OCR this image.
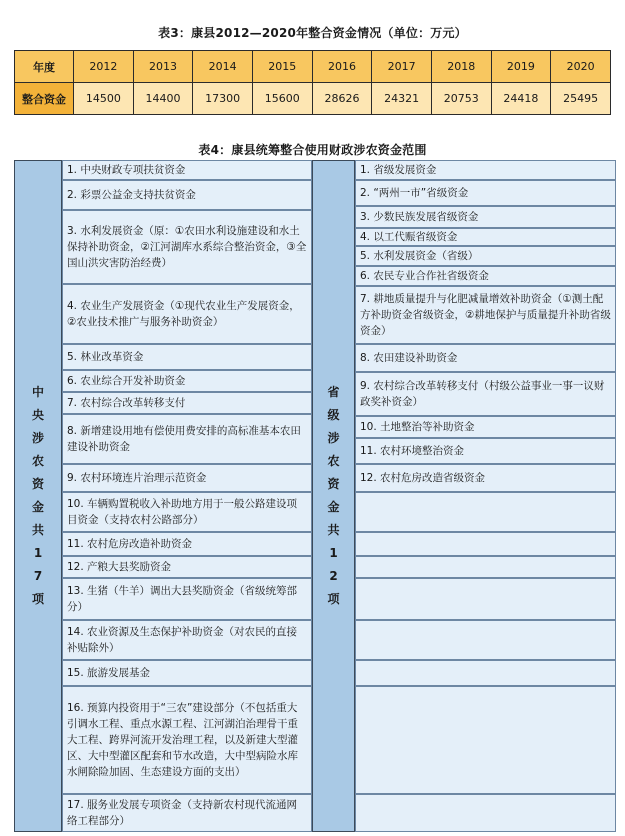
表3：康县2012—2020年整合资金情况（单位：万元）
年度	2012	2013	2014	2015	2016	2017	2018	2019	2020
整合资金	14500	14400	17300	15600	28626	24321	20753	24418	25495
表4：康县统筹整合使用财政涉农资金范围
中央涉农资金共17项
1. 中央财政专项扶贫资金
2. 彩票公益金支持扶贫资金
3. 水利发展资金（原：①农田水利设施建设和水土保持补助资金，②江河湖库水系综合整治资金，③全国山洪灾害防治经费）
4. 农业生产发展资金（①现代农业生产发展资金，②农业技术推广与服务补助资金）
5. 林业改革资金
6. 农业综合开发补助资金
7. 农村综合改革转移支付
8. 新增建设用地有偿使用费安排的高标准基本农田建设补助资金
9. 农村环境连片治理示范资金
10. 车辆购置税收入补助地方用于一般公路建设项目资金（支持农村公路部分）
11. 农村危房改造补助资金
12. 产粮大县奖励资金
13. 生猪（牛羊）调出大县奖励资金（省级统筹部分）
14. 农业资源及生态保护补助资金（对农民的直接补贴除外）
15. 旅游发展基金
16. 预算内投资用于“三农”建设部分（不包括重大引调水工程、重点水源工程、江河湖泊治理骨干重大工程、跨界河流开发治理工程，以及新建大型灌区、大中型灌区配套和节水改造，大中型病险水库水闸除险加固、生态建设方面的支出）
17. 服务业发展专项资金（支持新农村现代流通网络工程部分）
省级涉农资金共12项
1. 省级发展资金
2. “两州一市”省级资金
3. 少数民族发展省级资金
4. 以工代赈省级资金
5. 水利发展资金（省级）
6. 农民专业合作社省级资金
7. 耕地质量提升与化肥减量增效补助资金（①测土配方补助资金省级资金，②耕地保护与质量提升补助省级资金）
8. 农田建设补助资金
9. 农村综合改革转移支付（村级公益事业一事一议财政奖补资金）
10. 土地整治等补助资金
11. 农村环境整治资金
12. 农村危房改造省级资金
